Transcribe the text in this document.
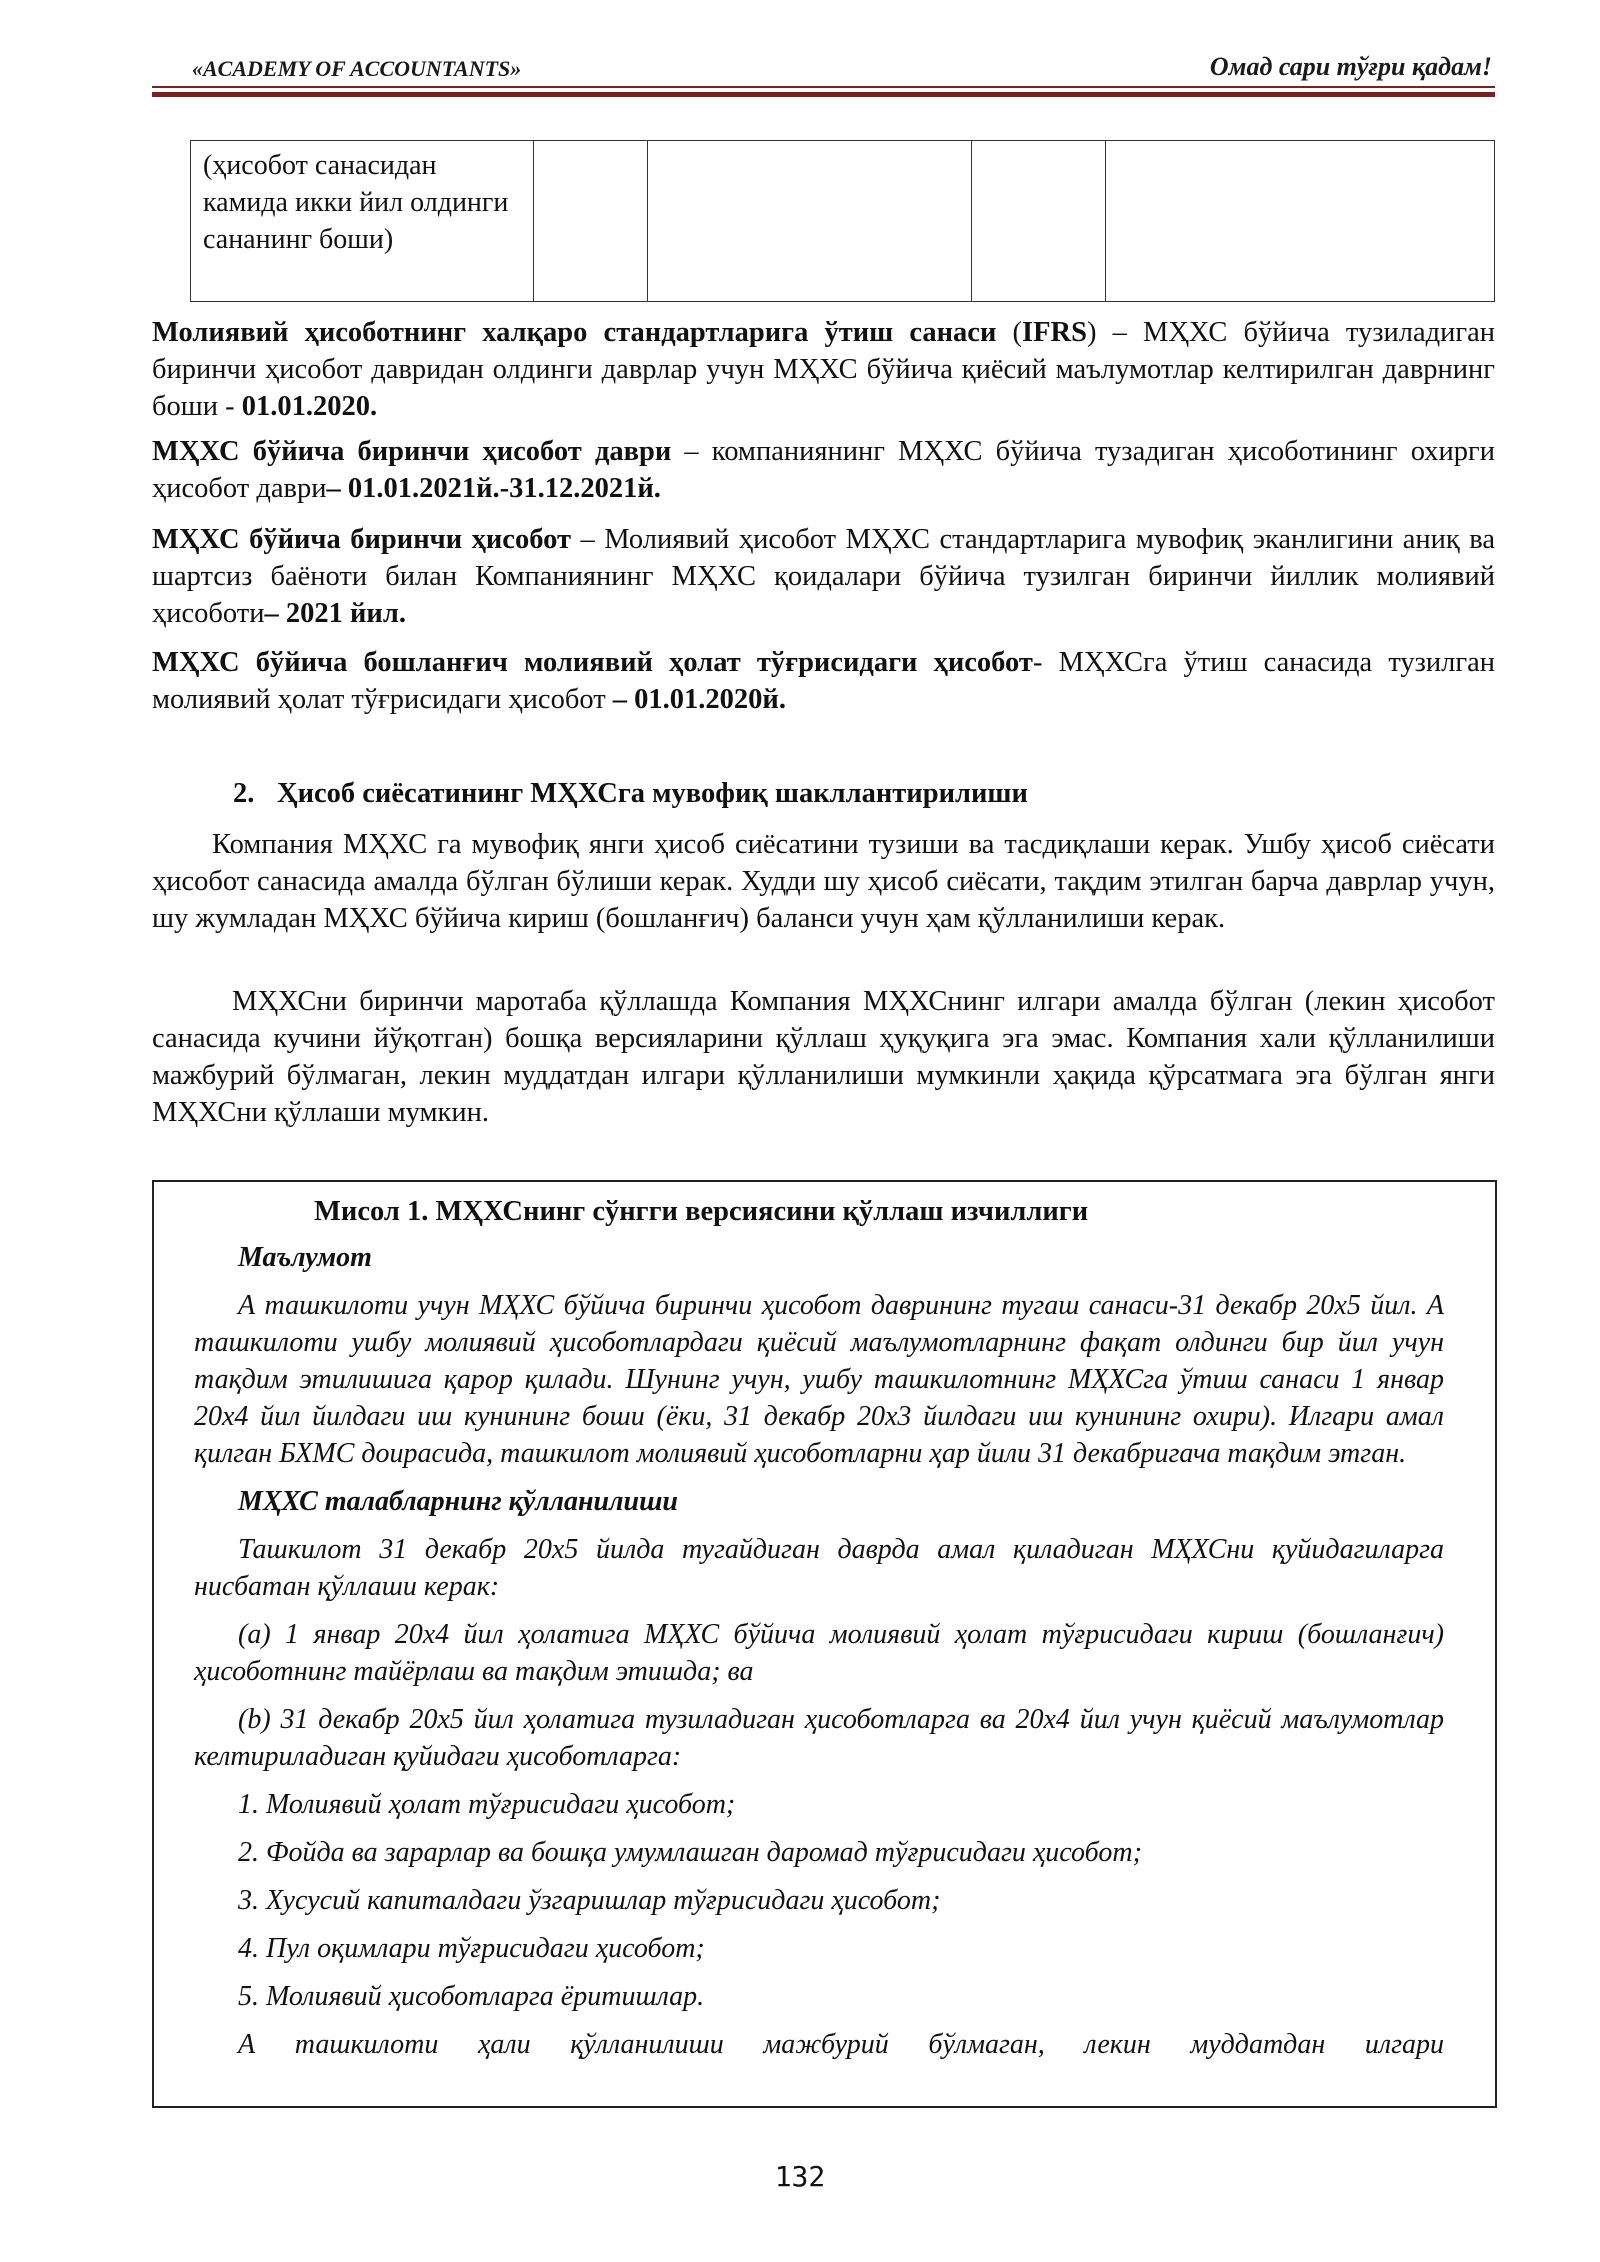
«ACADEMY OF ACCOUNTANTS»	Омад сари тўғри қадам!
(ҳисобот санасидан камида икки йил олдинги сананинг боши)				

Молиявий ҳисоботнинг халқаро стандартларига ўтиш санаси (IFRS) – МҲХС бўйича тузиладиган биринчи ҳисобот давридан олдинги даврлар учун МҲХС бўйича қиёсий маълумотлар келтирилган даврнинг боши - 01.01.2020.

МҲХС бўйича биринчи ҳисобот даври – компаниянинг МҲХС бўйича тузадиган ҳисоботининг охирги ҳисобот даври– 01.01.2021й.-31.12.2021й.

МҲХС бўйича биринчи ҳисобот – Молиявий ҳисобот МҲХС стандартларига мувофиқ эканлигини аниқ ва шартсиз баёноти билан Компаниянинг МҲХС қоидалари бўйича тузилган биринчи йиллик молиявий ҳисоботи– 2021 йил.

МҲХС бўйича бошланғич молиявий ҳолат тўғрисидаги ҳисобот- МҲХСга ўтиш санасида тузилган молиявий ҳолат тўғрисидаги ҳисобот – 01.01.2020й.

2. Ҳисоб сиёсатининг МҲХСга мувофиқ шакллантирилиши

Компания МҲХС га мувофиқ янги ҳисоб сиёсатини тузиши ва тасдиқлаши керак. Ушбу ҳисоб сиёсати ҳисобот санасида амалда бўлган бўлиши керак. Худди шу ҳисоб сиёсати, тақдим этилган барча даврлар учун, шу жумладан МҲХС бўйича кириш (бошланғич) баланси учун ҳам қўлланилиши керак.

МҲХСни биринчи маротаба қўллашда Компания МҲХСнинг илгари амалда бўлган (лекин ҳисобот санасида кучини йўқотган) бошқа версияларини қўллаш ҳуқуқига эга эмас. Компания хали қўлланилиши мажбурий бўлмаган, лекин муддатдан илгари қўлланилиши мумкинли ҳақида қўрсатмага эга бўлган янги МҲХСни қўллаши мумкин.

Мисол 1. МҲХСнинг сўнгги версиясини қўллаш изчиллиги

Маълумот

А ташкилоти учун МҲХС бўйича биринчи ҳисобот даврининг тугаш санаси-31 декабр 20х5 йил. А ташкилоти ушбу молиявий ҳисоботлардаги қиёсий маълумотларнинг фақат олдинги бир йил учун тақдим этилишига қарор қилади. Шунинг учун, ушбу ташкилотнинг МҲХСга ўтиш санаси 1 январ 20х4 йил йилдаги иш кунининг боши (ёки, 31 декабр 20х3 йилдаги иш кунининг охири). Илгари амал қилган БХМС доирасида, ташкилот молиявий ҳисоботларни ҳар йили 31 декабригача тақдим этган.

МҲХС талабларнинг қўлланилиши

Ташкилот 31 декабр 20х5 йилда тугайдиган даврда амал қиладиган МҲХСни қуйидагиларга нисбатан қўллаши керак:

(а) 1 январ 20х4 йил ҳолатига МҲХС бўйича молиявий ҳолат тўғрисидаги кириш (бошланғич) ҳисоботнинг тайёрлаш ва тақдим этишда; ва

(b) 31 декабр 20х5 йил ҳолатига тузиладиган ҳисоботларга ва 20х4 йил учун қиёсий маълумотлар келтириладиган қуйидаги ҳисоботларга:

1. Молиявий ҳолат тўғрисидаги ҳисобот;

2. Фойда ва зарарлар ва бошқа умумлашган даромад тўғрисидаги ҳисобот;

3. Хусусий капиталдаги ўзгаришлар тўғрисидаги ҳисобот;

4. Пул оқимлари тўғрисидаги ҳисобот;

5. Молиявий ҳисоботларга ёритишлар.

А ташкилоти ҳали қўлланилиши мажбурий бўлмаган, лекин муддатдан илгари

132
